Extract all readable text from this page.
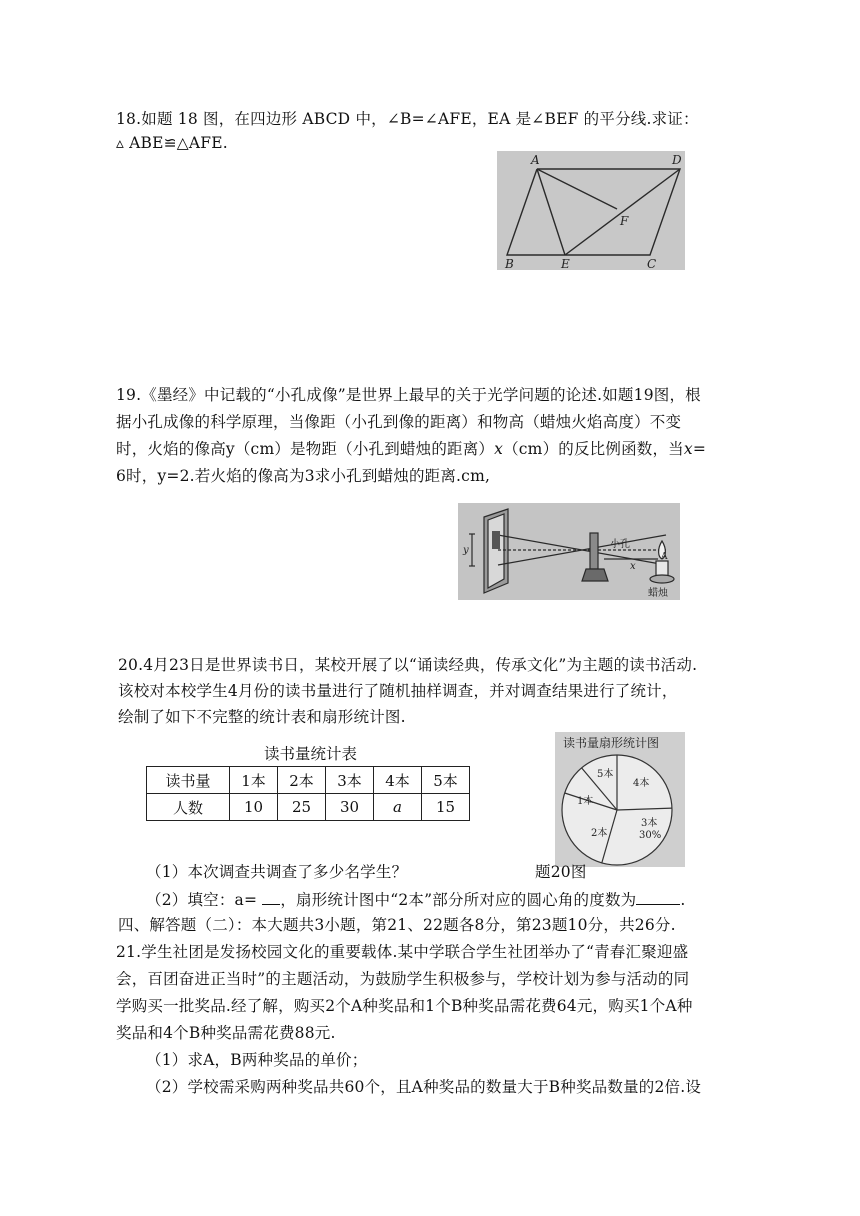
18.如题 18 图，在四边形 ABCD 中，∠B=∠AFE，EA 是∠BEF 的平分线.求证：
▵ ABE≌△AFE.
A	D
F
B	E	C
19.《墨经》中记载的“小孔成像”是世界上最早的关于光学问题的论述.如题19图，根
据小孔成像的科学原理，当像距（小孔到像的距离）和物高（蜡烛火焰高度）不变
时，火焰的像高y（cm）是物距（小孔到蜡烛的距离）x（cm）的反比例函数，当x=
6时，y=2.若火焰的像高为3求小孔到蜡烛的距离.cm,
y
小孔
x
A
蜡烛
20.4月23日是世界读书日，某校开展了以“诵读经典，传承文化”为主题的读书活动.
该校对本校学生4月份的读书量进行了随机抽样调查，并对调查结果进行了统计，
绘制了如下不完整的统计表和扇形统计图.
读书量统计表
读书量	1本	2本	3本	4本	5本
人数	10	25	30	a	15
读书量扇形统计图
5本
4本
1本
3本
30%
2本
（1）本次调查共调查了多少名学生？	题20图
（2）填空：a= ，扇形统计图中“2本”部分所对应的圆心角的度数为	.
四、解答题（二）：本大题共3小题，第21、22题各8分，第23题10分，共26分.
21.学生社团是发扬校园文化的重要载体.某中学联合学生社团举办了“青春汇聚迎盛
会，百团奋进正当时”的主题活动，为鼓励学生积极参与，学校计划为参与活动的同
学购买一批奖品.经了解，购买2个A种奖品和1个B种奖品需花费64元，购买1个A种
奖品和4个B种奖品需花费88元.
（1）求A，B两种奖品的单价；
（2）学校需采购两种奖品共60个，且A种奖品的数量大于B种奖品数量的2倍.设
